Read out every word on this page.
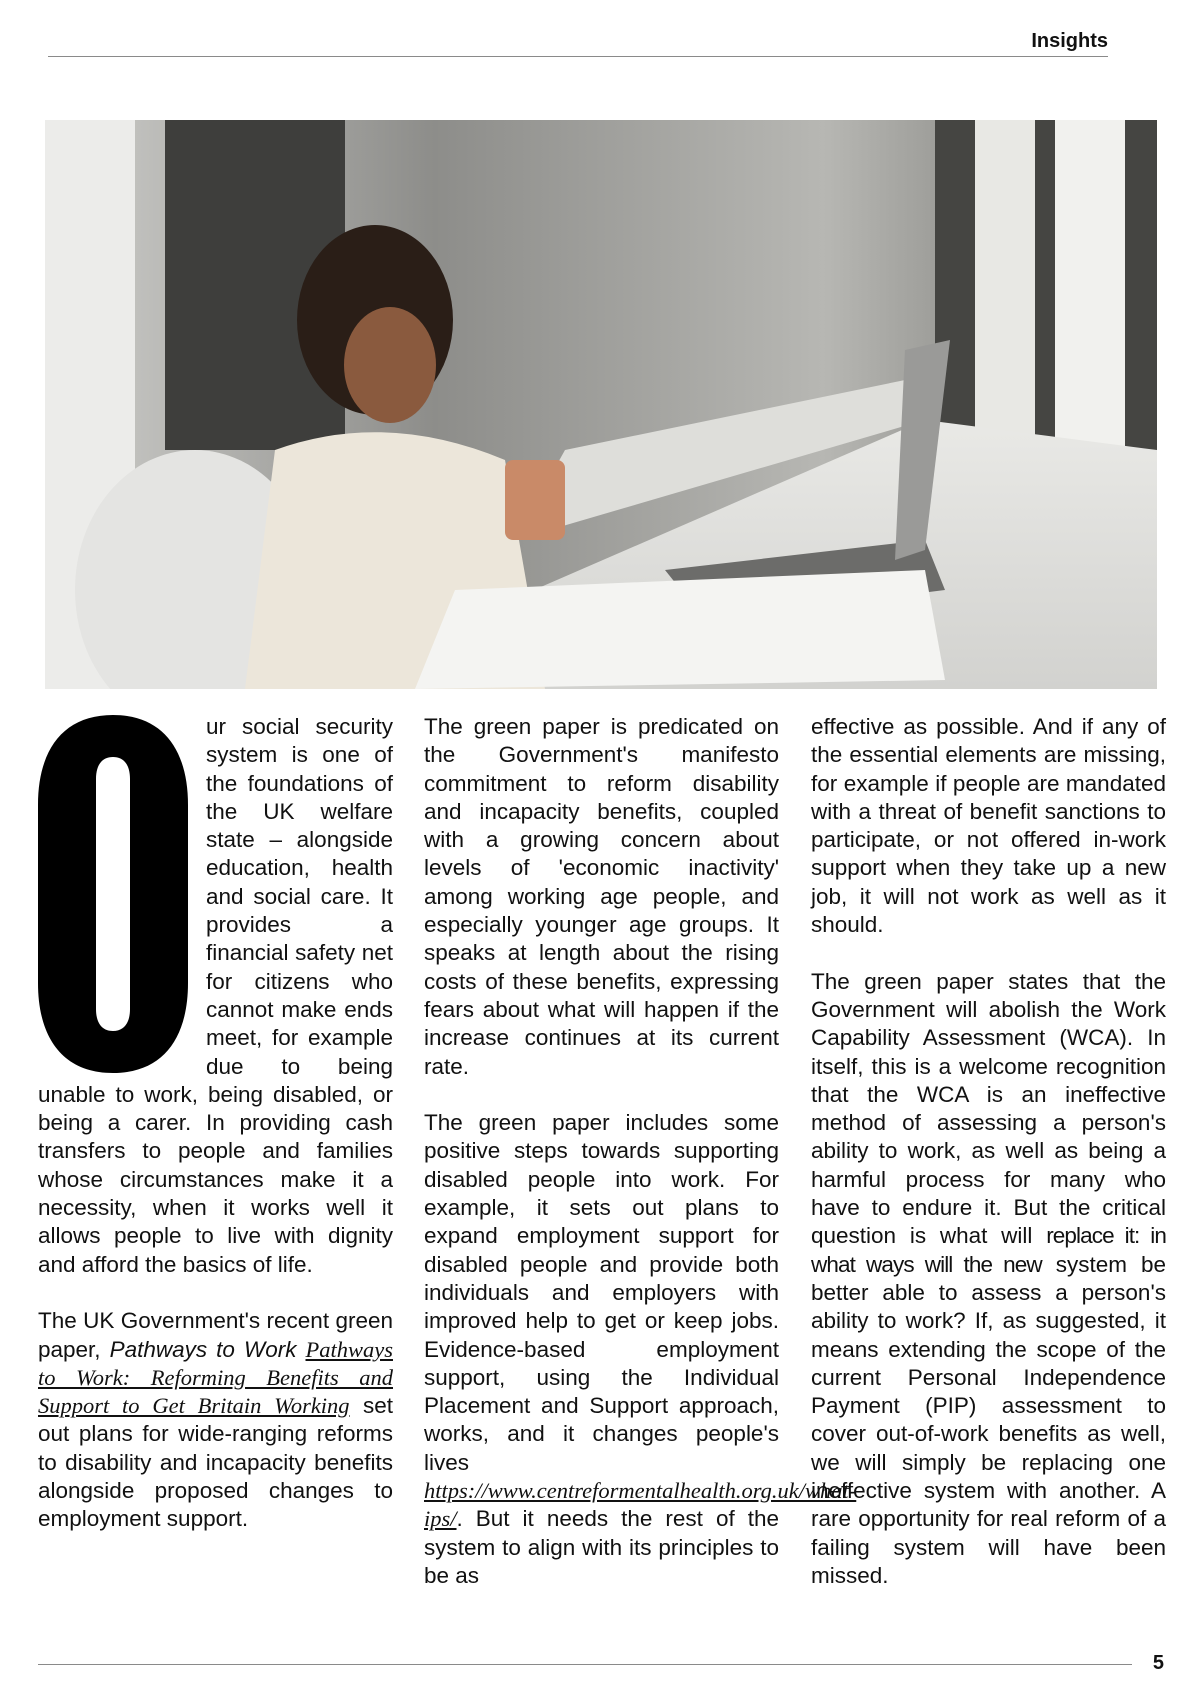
Insights

ur social security system is one of the foundations of the UK welfare state – alongside education, health and social care. It provides a financial safety net for citizens who cannot make ends meet, for example due to being unable to work, being disabled, or being a carer. In providing cash transfers to people and families whose circumstances make it a necessity, when it works well it allows people to live with dignity and afford the basics of life.

The UK Government's recent green paper, Pathways to Work Pathways to Work: Reforming Benefits and Support to Get Britain Working set out plans for wide-ranging reforms to disability and incapacity benefits alongside proposed changes to employment support.

The green paper is predicated on the Government's manifesto commitment to reform disability and incapacity benefits, coupled with a growing concern about levels of 'economic inactivity' among working age people, and especially younger age groups. It speaks at length about the rising costs of these benefits, expressing fears about what will happen if the increase continues at its current rate.

The green paper includes some positive steps towards supporting disabled people into work. For example, it sets out plans to expand employment support for disabled people and provide both individuals and employers with improved help to get or keep jobs. Evidence-based employment support, using the Individual Placement and Support approach, works, and it changes people's lives https://www.centreformentalhealth.org.uk/what-ips/. But it needs the rest of the system to align with its principles to be as

effective as possible. And if any of the essential elements are missing, for example if people are mandated with a threat of benefit sanctions to participate, or not offered in-work support when they take up a new job, it will not work as well as it should.

The green paper states that the Government will abolish the Work Capability Assessment (WCA). In itself, this is a welcome recognition that the WCA is an ineffective method of assessing a person's ability to work, as well as being a harmful process for many who have to endure it. But the critical question is what will replace it: in what ways will the new system be better able to assess a person's ability to work? If, as suggested, it means extending the scope of the current Personal Independence Payment (PIP) assessment to cover out-of-work benefits as well, we will simply be replacing one ineffective system with another. A rare opportunity for real reform of a failing system will have been missed.

5
